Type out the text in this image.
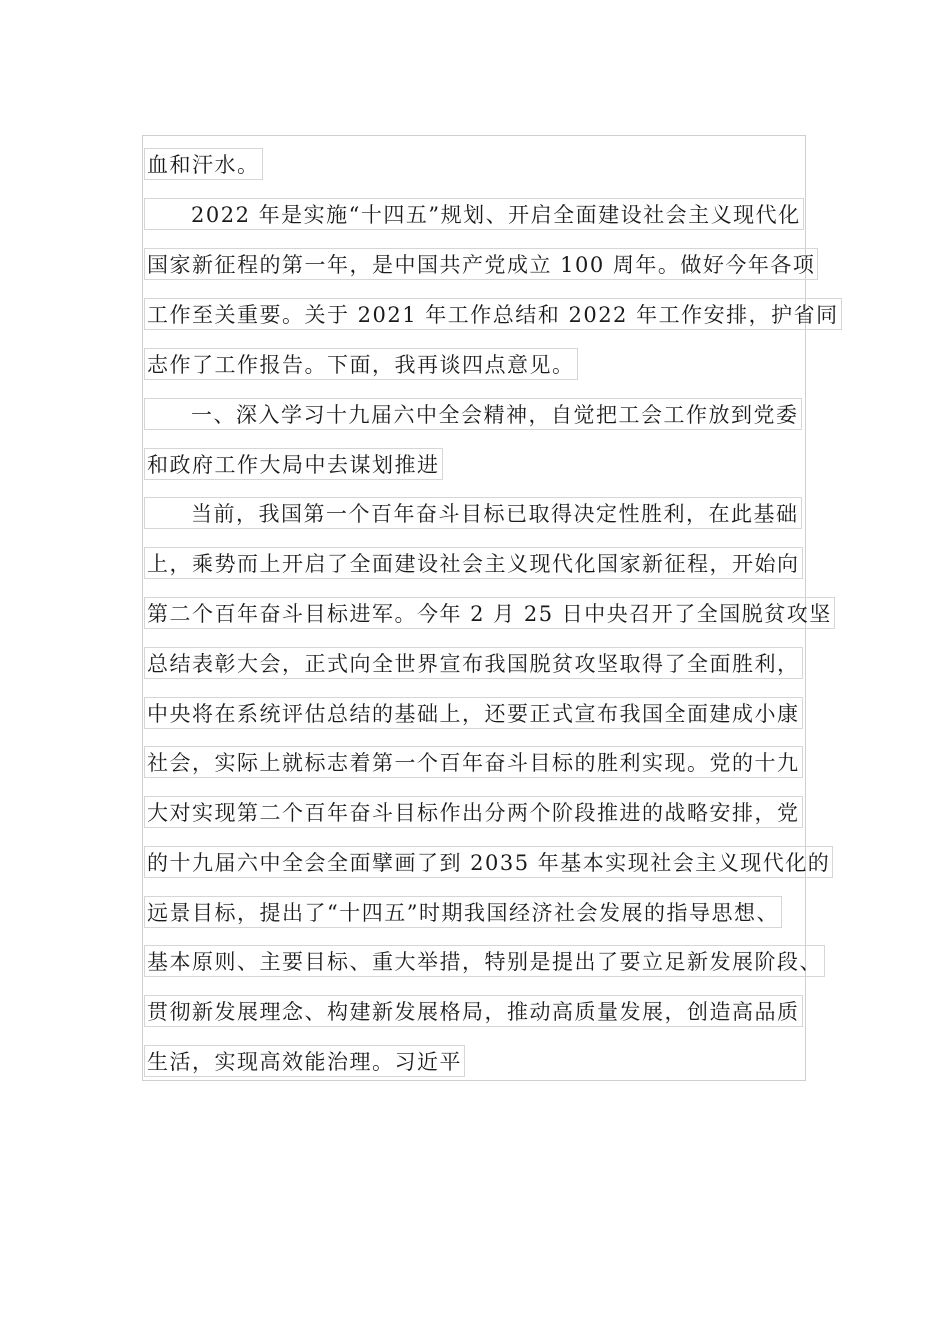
血和汗水。
2022 年是实施“十四五”规划、开启全面建设社会主义现代化
国家新征程的第一年，是中国共产党成立 100 周年。做好今年各项
工作至关重要。关于 2021 年工作总结和 2022 年工作安排，护省同
志作了工作报告。下面，我再谈四点意见。
一、深入学习十九届六中全会精神，自觉把工会工作放到党委
和政府工作大局中去谋划推进
当前，我国第一个百年奋斗目标已取得决定性胜利，在此基础
上，乘势而上开启了全面建设社会主义现代化国家新征程，开始向
第二个百年奋斗目标进军。今年 2 月 25 日中央召开了全国脱贫攻坚
总结表彰大会，正式向全世界宣布我国脱贫攻坚取得了全面胜利，
中央将在系统评估总结的基础上，还要正式宣布我国全面建成小康
社会，实际上就标志着第一个百年奋斗目标的胜利实现。党的十九
大对实现第二个百年奋斗目标作出分两个阶段推进的战略安排，党
的十九届六中全会全面擘画了到 2035 年基本实现社会主义现代化的
远景目标，提出了“十四五”时期我国经济社会发展的指导思想、
基本原则、主要目标、重大举措，特别是提出了要立足新发展阶段、
贯彻新发展理念、构建新发展格局，推动高质量发展，创造高品质
生活，实现高效能治理。习近平
